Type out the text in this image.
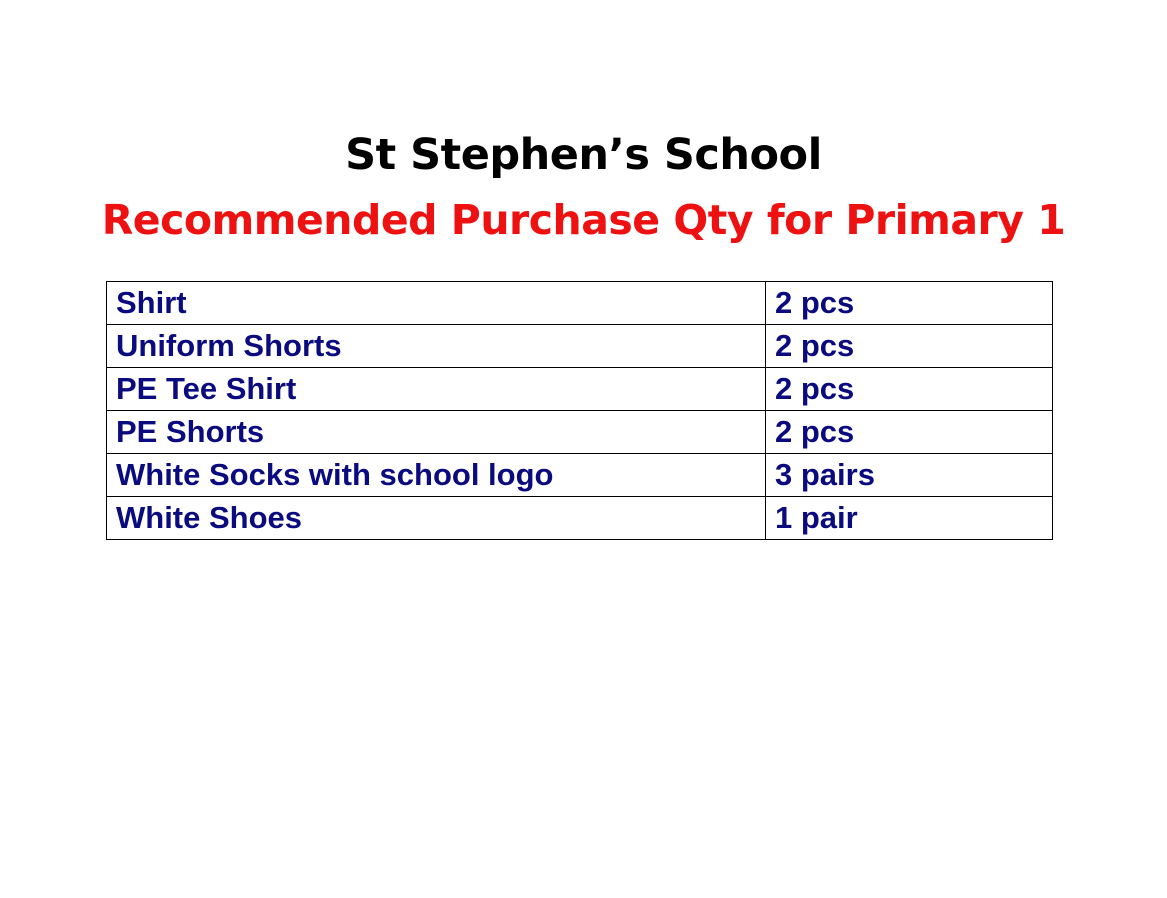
St Stephen’s School
Recommended Purchase Qty for Primary 1
Shirt	2 pcs
Uniform Shorts	2 pcs
PE Tee Shirt	2 pcs
PE Shorts	2 pcs
White Socks with school logo	3 pairs
White Shoes	1 pair
